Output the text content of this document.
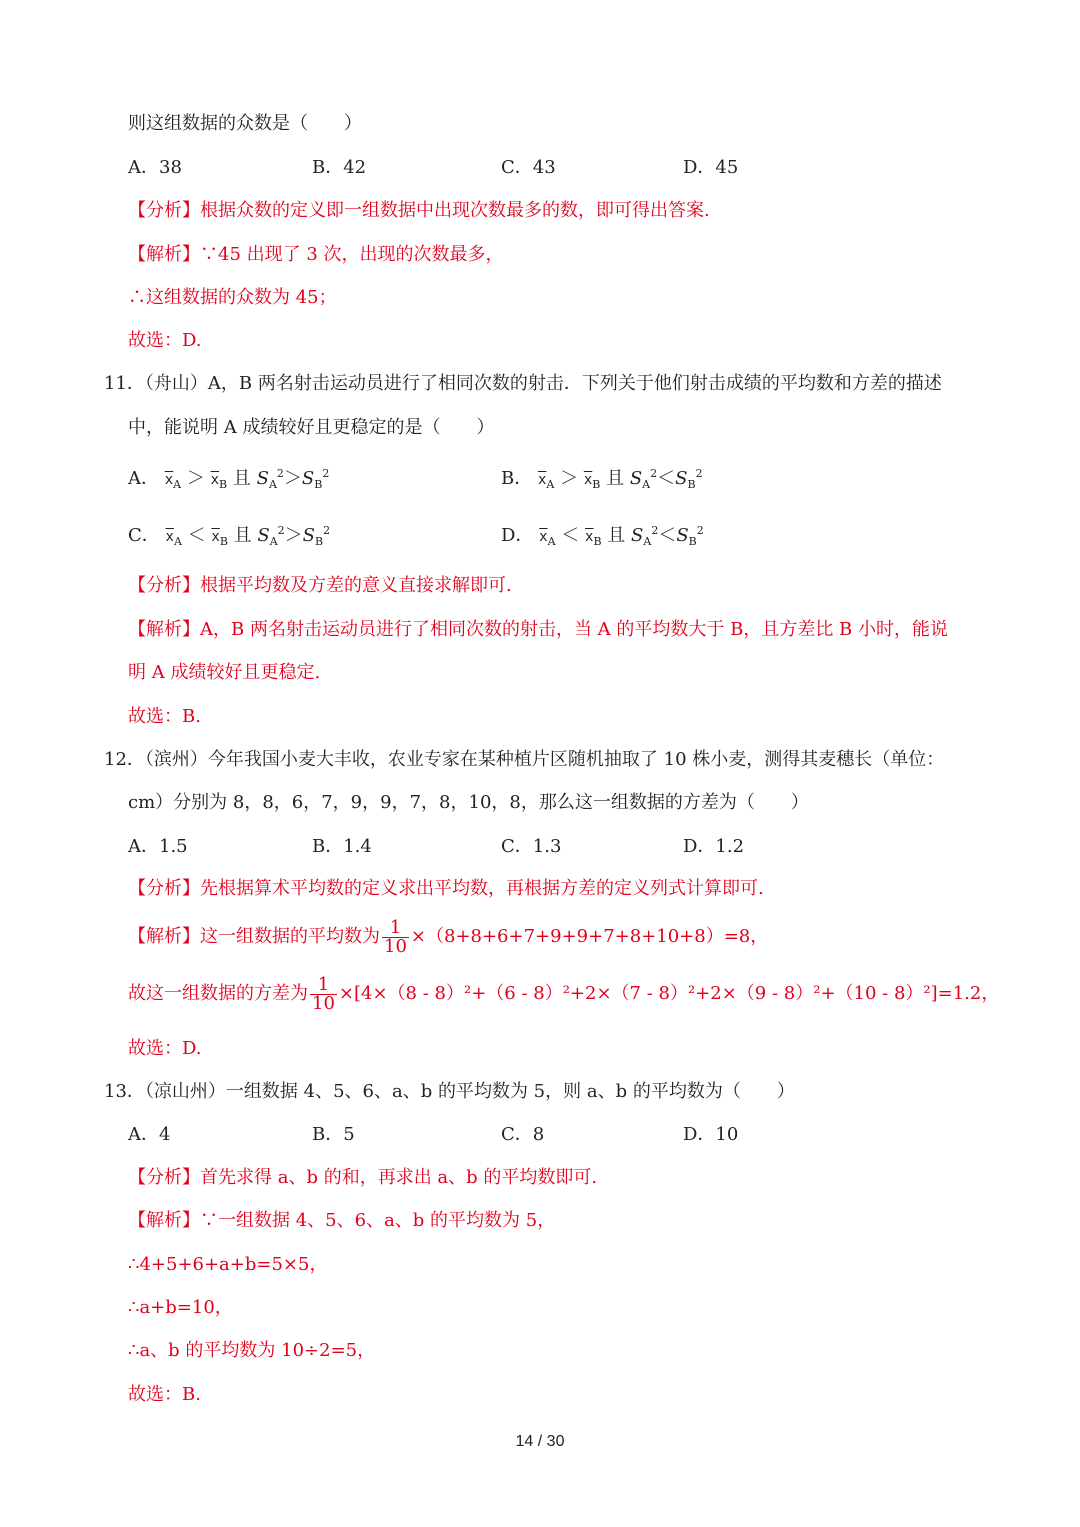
则这组数据的众数是（　　）
A．38	B．42	C．43	D．45
【分析】根据众数的定义即一组数据中出现次数最多的数，即可得出答案.
【解析】∵45 出现了 3 次，出现的次数最多，
∴这组数据的众数为 45；
故选：D.
11．（舟山）A，B 两名射击运动员进行了相同次数的射击．下列关于他们射击成绩的平均数和方差的描述
中，能说明 A 成绩较好且更稳定的是（　　）
A． $\overline{x}_A > \overline{x}_B$ 且 $S_A^2>S_B^2$	B． $\overline{x}_A > \overline{x}_B$ 且 $S_A^2<S_B^2$
C． $\overline{x}_A < \overline{x}_B$ 且 $S_A^2>S_B^2$	D． $\overline{x}_A < \overline{x}_B$ 且 $S_A^2<S_B^2$
【分析】根据平均数及方差的意义直接求解即可.
【解析】A，B 两名射击运动员进行了相同次数的射击，当 A 的平均数大于 B，且方差比 B 小时，能说
明 A 成绩较好且更稳定.
故选：B.
12．（滨州）今年我国小麦大丰收，农业专家在某种植片区随机抽取了 10 株小麦，测得其麦穗长（单位：
cm）分别为 8，8，6，7，9，9，7，8，10，8，那么这一组数据的方差为（　　）
A．1.5	B．1.4	C．1.3	D．1.2
【分析】先根据算术平均数的定义求出平均数，再根据方差的定义列式计算即可.
【解析】这一组数据的平均数为 $\frac{1}{10} \times(8+8+6+7+9+9+7+8+10+8)=8$，
故这一组数据的方差为 $\frac{1}{10} \times[4\times(8 - 8)^2+(6 - 8)^2+2\times(7 - 8)^2+2\times(9 - 8)^2+(10 - 8)^2]=1.2$，
故选：D.
13．（凉山州）一组数据 4、5、6、a、b 的平均数为 5，则 a、b 的平均数为（　　）
A．4	B．5	C．8	D．10
【分析】首先求得 a、b 的和，再求出 a、b 的平均数即可.
【解析】∵一组数据 4、5、6、a、b 的平均数为 5，
∴4+5+6+a+b=5×5，
∴a+b=10，
∴a、b 的平均数为 10÷2=5，
故选：B.
14 / 30
